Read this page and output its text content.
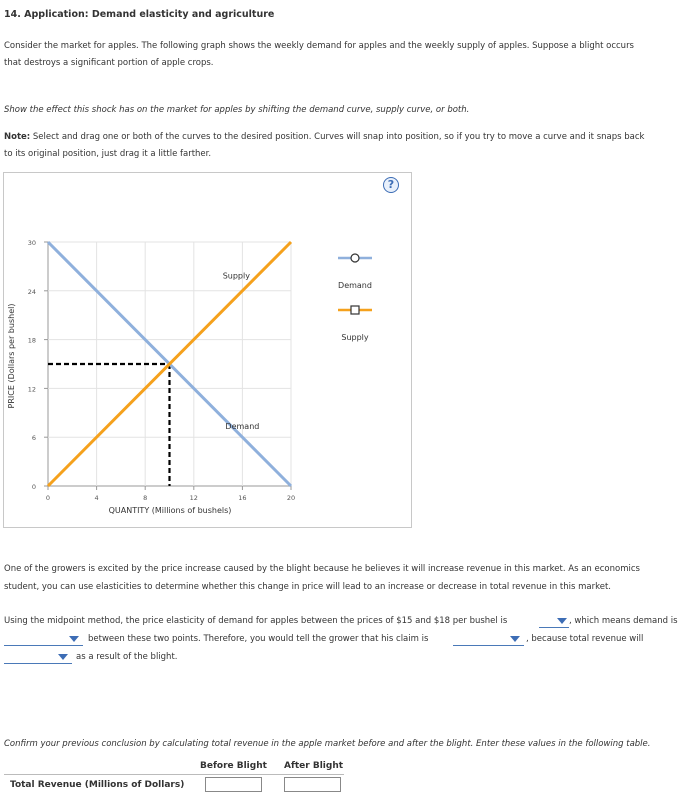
14. Application: Demand elasticity and agriculture
Consider the market for apples. The following graph shows the weekly demand for apples and the weekly supply of apples. Suppose a blight occurs
that destroys a significant portion of apple crops.
Show the effect this shock has on the market for apples by shifting the demand curve, supply curve, or both.
Note: Select and drag one or both of the curves to the desired position. Curves will snap into position, so if you try to move a curve and it snaps back
to its original position, just drag it a little farther.
?
0
6
12
18
24
30
0	4	8	12	16	20
Supply
Demand
PRICE (Dollars per bushel)
QUANTITY (Millions of bushels)
Demand
Supply
One of the growers is excited by the price increase caused by the blight because he believes it will increase revenue in this market. As an economics
student, you can use elasticities to determine whether this change in price will lead to an increase or decrease in total revenue in this market.
Using the midpoint method, the price elasticity of demand for apples between the prices of $15 and $18 per bushel is	, which means demand is
between these two points. Therefore, you would tell the grower that his claim is	, because total revenue will
as a result of the blight.
Confirm your previous conclusion by calculating total revenue in the apple market before and after the blight. Enter these values in the following table.
Before Blight After Blight
Total Revenue (Millions of Dollars)
